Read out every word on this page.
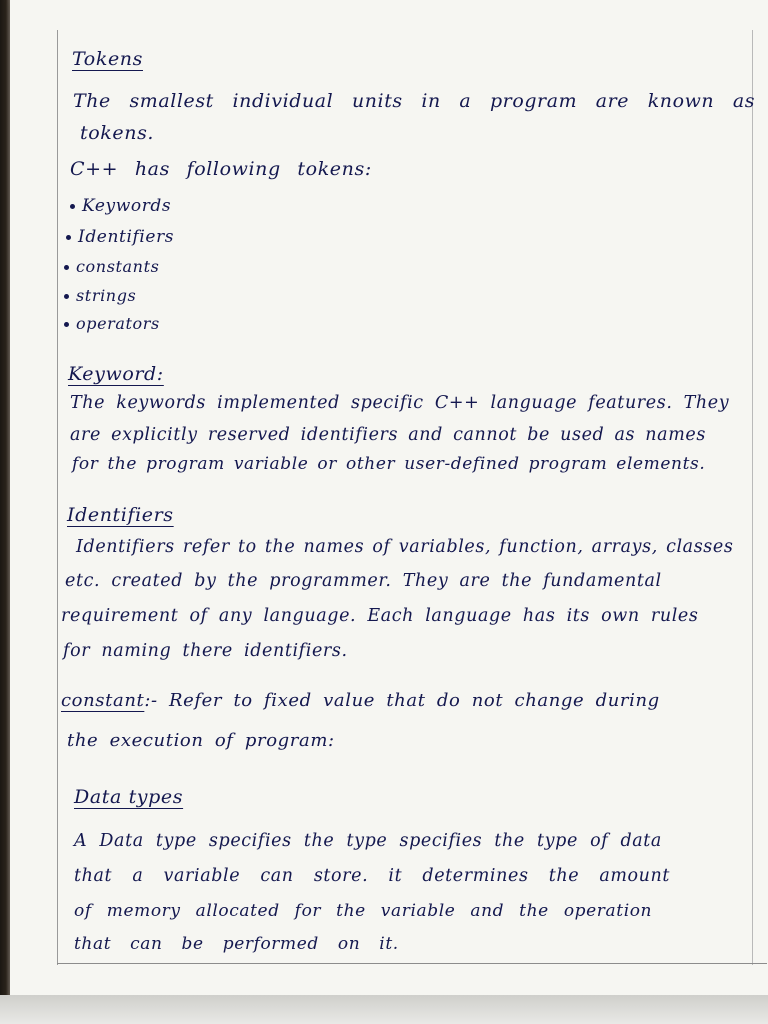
Tokens
The smallest individual units in a program are known as
tokens.
C++ has following tokens:
Keywords
Identifiers
constants
strings
operators
Keyword:
The keywords implemented specific C++ language features. They
are explicitly reserved identifiers and cannot be used as names
for the program variable or other user-defined program elements.
Identifiers
Identifiers refer to the names of variables, function, arrays, classes
etc. created by the programmer. They are the fundamental
requirement of any language. Each language has its own rules
for naming there identifiers.
constant:- Refer to fixed value that do not change during
the execution of program:
Data types
A Data type specifies the type specifies the type of data
that a variable can store. it determines the amount
of memory allocated for the variable and the operation
that can be performed on it.
